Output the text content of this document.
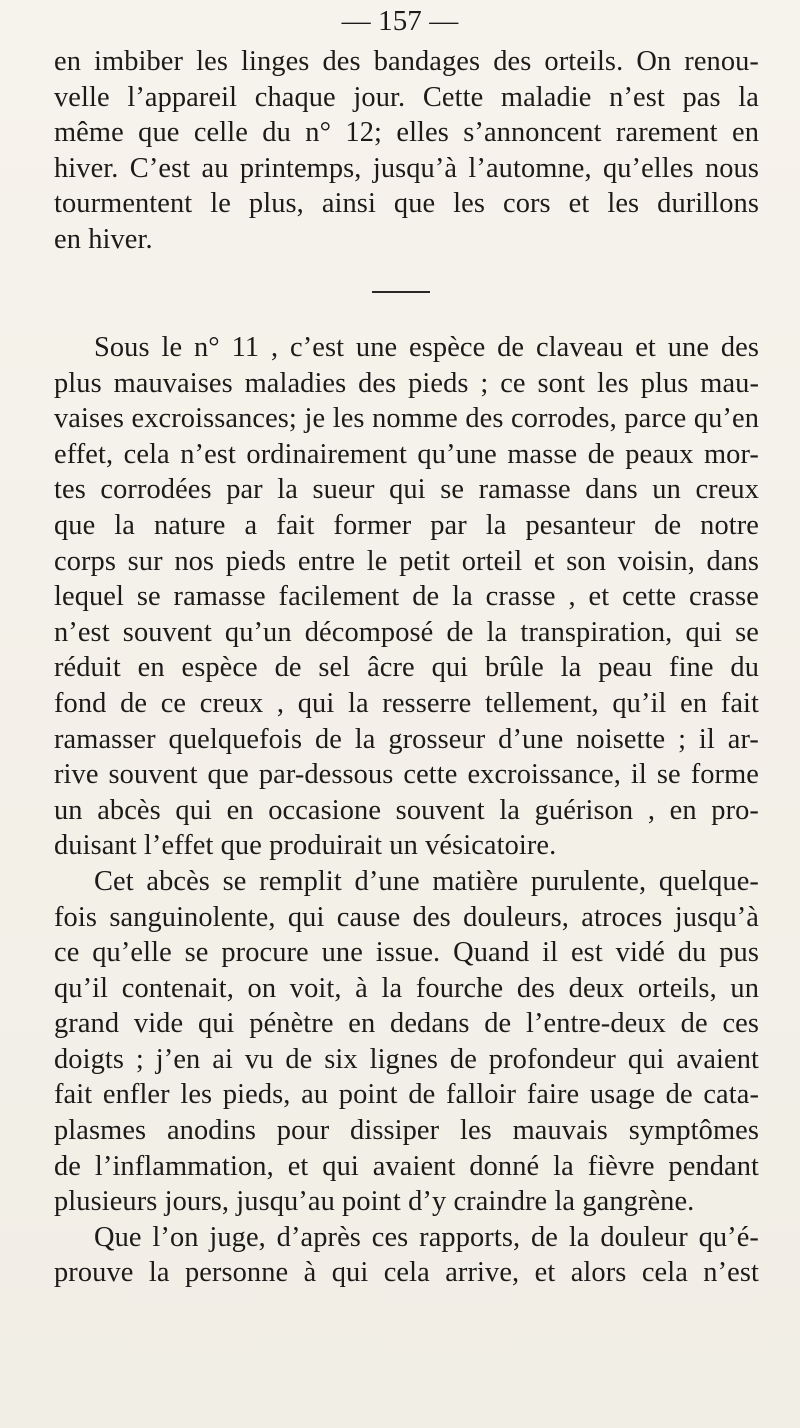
— 157 —
en imbiber les linges des bandages des orteils. On renou-
velle l’appareil chaque jour. Cette maladie n’est pas la
même que celle du n° 12; elles s’annoncent rarement en
hiver. C’est au printemps, jusqu’à l’automne, qu’elles nous
tourmentent le plus, ainsi que les cors et les durillons
en hiver.
Sous le n° 11 , c’est une espèce de claveau et une des
plus mauvaises maladies des pieds ; ce sont les plus mau-
vaises excroissances; je les nomme des corrodes, parce qu’en
effet, cela n’est ordinairement qu’une masse de peaux mor-
tes corrodées par la sueur qui se ramasse dans un creux
que la nature a fait former par la pesanteur de notre
corps sur nos pieds entre le petit orteil et son voisin, dans
lequel se ramasse facilement de la crasse , et cette crasse
n’est souvent qu’un décomposé de la transpiration, qui se
réduit en espèce de sel âcre qui brûle la peau fine du
fond de ce creux , qui la resserre tellement, qu’il en fait
ramasser quelquefois de la grosseur d’une noisette ; il ar-
rive souvent que par-dessous cette excroissance, il se forme
un abcès qui en occasione souvent la guérison , en pro-
duisant l’effet que produirait un vésicatoire.
Cet abcès se remplit d’une matière purulente, quelque-
fois sanguinolente, qui cause des douleurs, atroces jusqu’à
ce qu’elle se procure une issue. Quand il est vidé du pus
qu’il contenait, on voit, à la fourche des deux orteils, un
grand vide qui pénètre en dedans de l’entre-deux de ces
doigts ; j’en ai vu de six lignes de profondeur qui avaient
fait enfler les pieds, au point de falloir faire usage de cata-
plasmes anodins pour dissiper les mauvais symptômes
de l’inflammation, et qui avaient donné la fièvre pendant
plusieurs jours, jusqu’au point d’y craindre la gangrène.
Que l’on juge, d’après ces rapports, de la douleur qu’é-
prouve la personne à qui cela arrive, et alors cela n’est
